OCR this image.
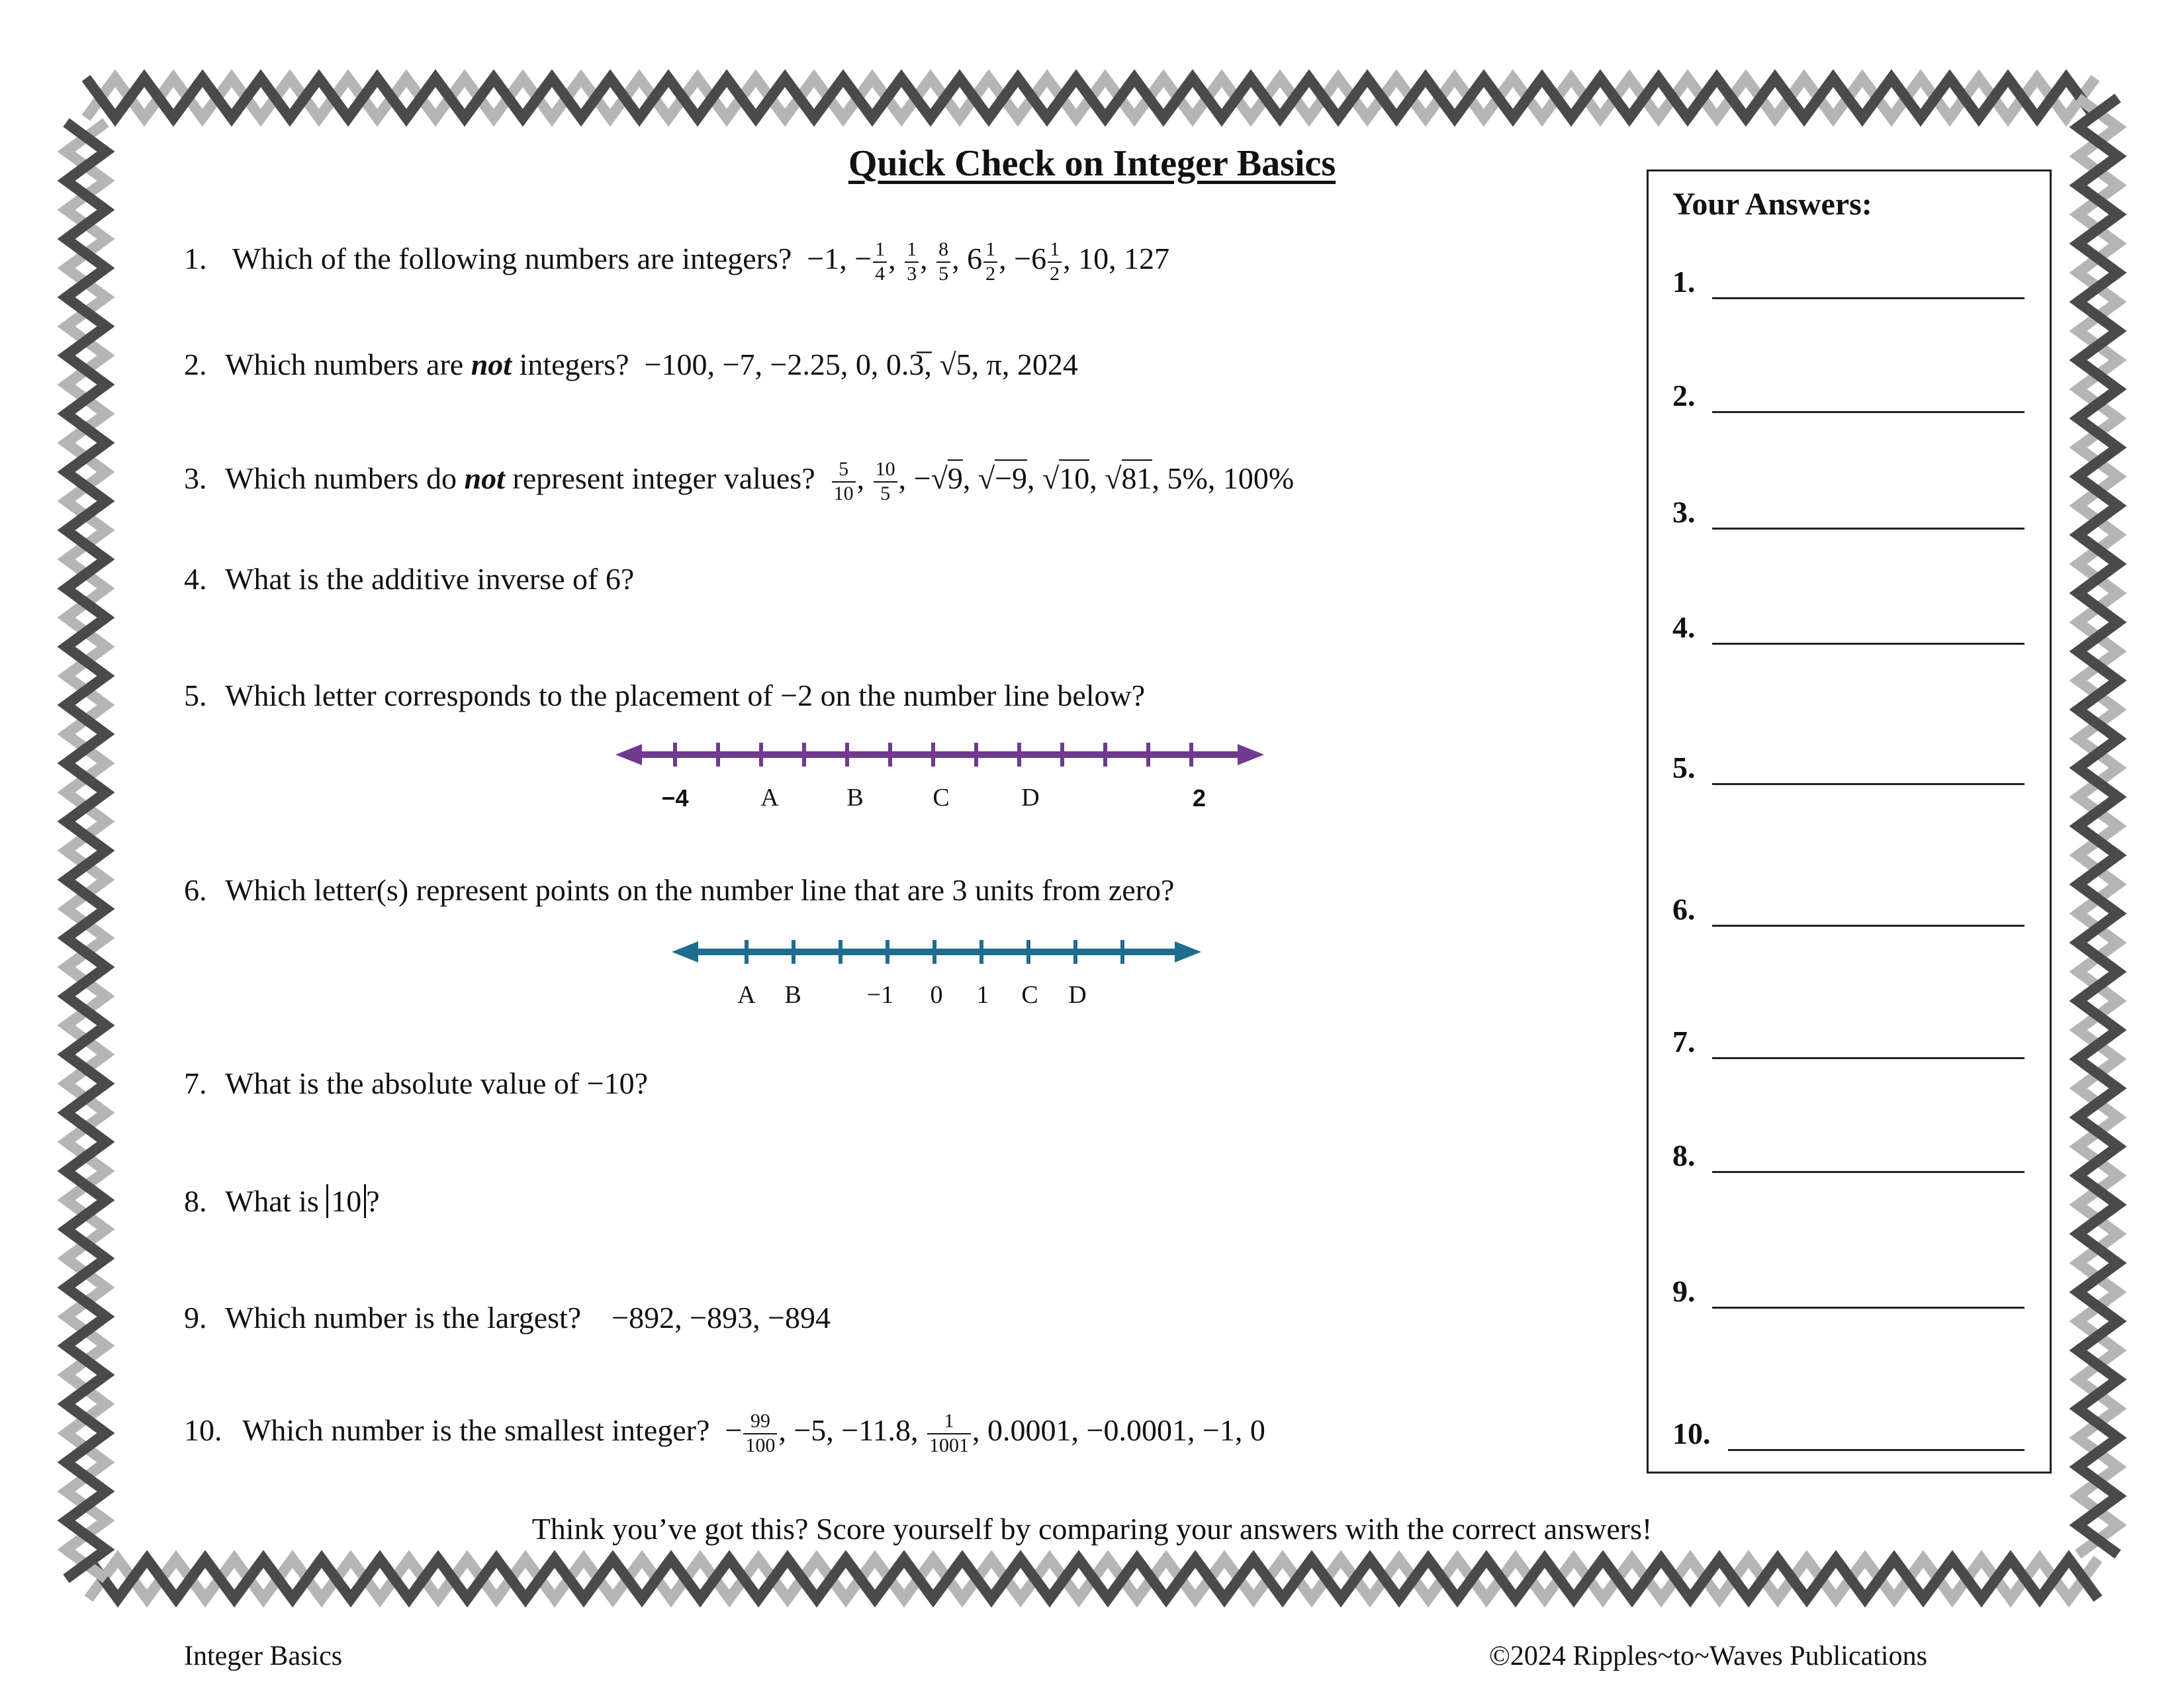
Quick Check on Integer Basics
1. Which of the following numbers are integers? −1, − $\frac{1}{4}$ , $\frac{1}{3}$ , $\frac{8}{5}$ , $6 \frac{1}{2}$ , $-6 \frac{1}{2}$ , 10, 127
2. Which numbers are not integers? −100, −7, −2.25, 0, 0.3̅, √5, π, 2024
3. Which numbers do not represent integer values? $\frac{5}{10}$ , $\frac{10}{5}$ , −√9, √−9, √10, √81, 5%, 100%
4. What is the additive inverse of 6?
5. Which letter corresponds to the placement of −2 on the number line below?
−4	A	B	C	D	2
6. Which letter(s) represent points on the number line that are 3 units from zero?
A B	−1 0 1 C D
7. What is the absolute value of −10?
8. What is 10 ?
9. Which number is the largest? −892, −893, −894
10. Which number is the smallest integer? − $\frac{99}{100}$ , −5, −11.8, $\frac{1}{1001}$ , 0.0001, −0.0001, −1, 0
Your Answers:
1.
2.
3.
4.
5.
6.
7.
8.
9.
10.
Think you’ve got this? Score yourself by comparing your answers with the correct answers!
Integer Basics	©2024 Ripples~to~Waves Publications
